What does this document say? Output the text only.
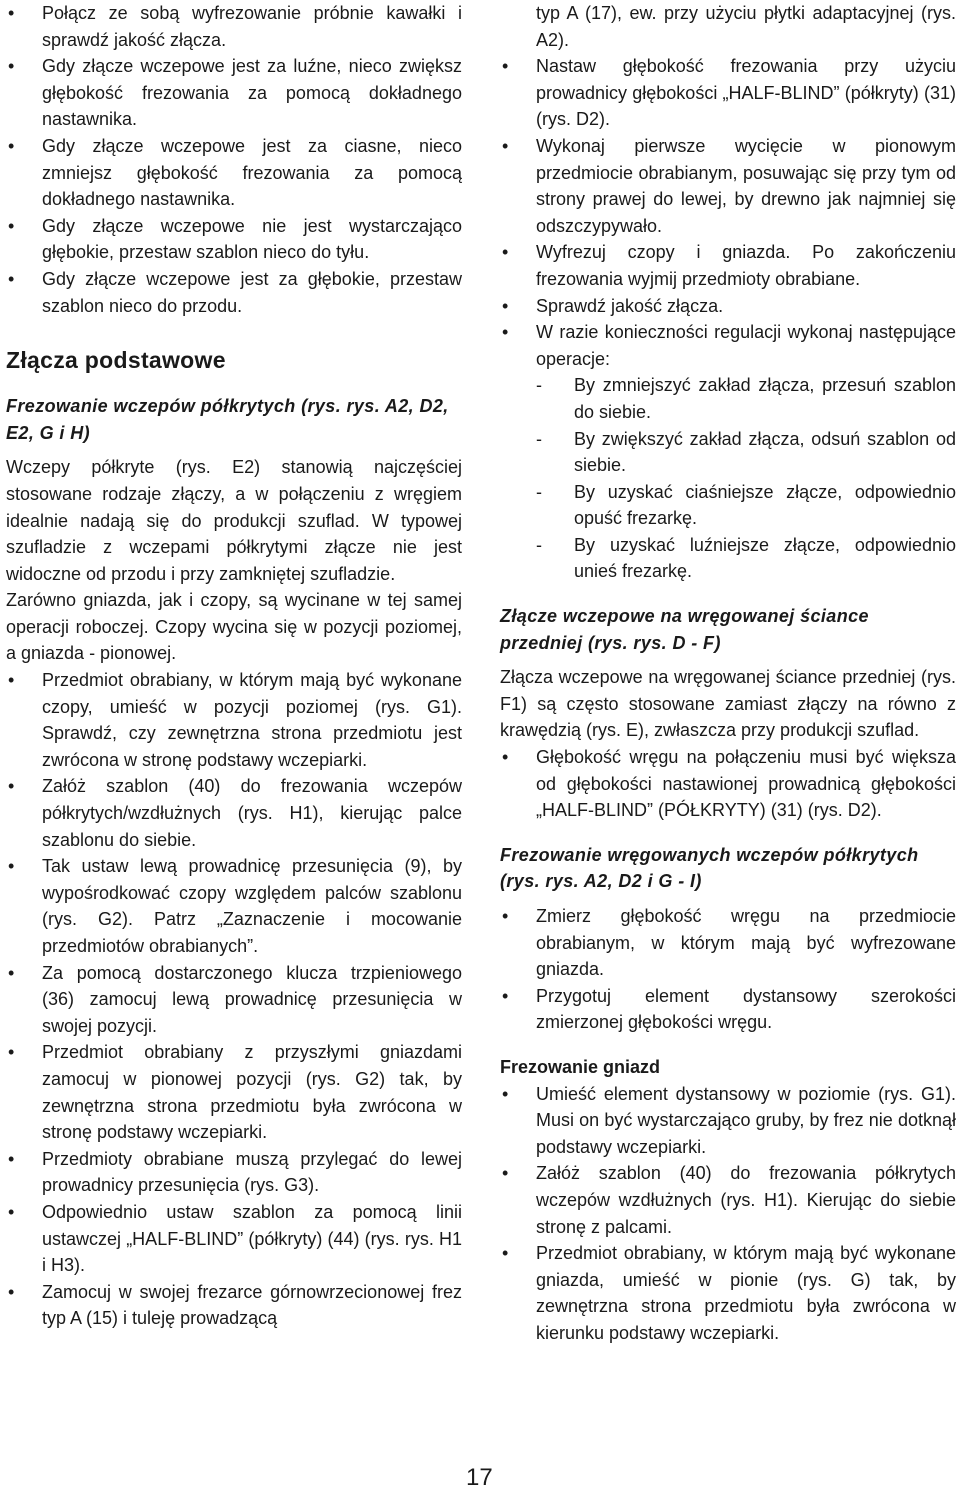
• Połącz ze sobą wyfrezowanie próbnie kawałki i sprawdź jakość złącza.
• Gdy złącze wczepowe jest za luźne, nieco zwiększ głębokość frezowania za pomocą dokładnego nastawnika.
• Gdy złącze wczepowe jest za ciasne, nieco zmniejsz głębokość frezowania za pomocą dokładnego nastawnika.
• Gdy złącze wczepowe nie jest wystarczająco głębokie, przestaw szablon nieco do tyłu.
• Gdy złącze wczepowe jest za głębokie, przestaw szablon nieco do przodu.
Złącza podstawowe
Frezowanie wczepów półkrytych (rys. rys. A2, D2, E2, G i H)

Wczepy półkryte (rys. E2) stanowią najczęściej stosowane rodzaje złączy, a w połączeniu z wręgiem idealnie nadają się do produkcji szuflad. W typowej szufladzie z wczepami półkrytymi złącze nie jest widoczne od przodu i przy zamkniętej szufladzie.

Zarówno gniazda, jak i czopy, są wycinane w tej samej operacji roboczej. Czopy wycina się w pozycji poziomej, a gniazda - pionowej.

• Przedmiot obrabiany, w którym mają być wykonane czopy, umieść w pozycji poziomej (rys. G1). Sprawdź, czy zewnętrzna strona przedmiotu jest zwrócona w stronę podstawy wczepiarki.
• Załóż szablon (40) do frezowania wczepów półkrytych/wzdłużnych (rys. H1), kierując palce szablonu do siebie.
• Tak ustaw lewą prowadnicę przesunięcia (9), by wypośrodkować czopy względem palców szablonu (rys. G2). Patrz „Zaznaczenie i mocowanie przedmiotów obrabianych”.
• Za pomocą dostarczonego klucza trzpieniowego (36) zamocuj lewą prowadnicę przesunięcia w swojej pozycji.
• Przedmiot obrabiany z przyszłymi gniazdami zamocuj w pionowej pozycji (rys. G2) tak, by zewnętrzna strona przedmiotu była zwrócona w stronę podstawy wczepiarki.
• Przedmioty obrabiane muszą przylegać do lewej prowadnicy przesunięcia (rys. G3).
• Odpowiednio ustaw szablon za pomocą linii ustawczej „HALF-BLIND” (półkryty) (44) (rys. rys. H1 i H3).
• Zamocuj w swojej frezarce górnowrzecionowej frez typ A (15) i tuleję prowadzącą

typ A (17), ew. przy użyciu płytki adaptacyjnej (rys. A2).

• Nastaw głębokość frezowania przy użyciu prowadnicy głębokości „HALF-BLIND” (półkryty) (31) (rys. D2).
• Wykonaj pierwsze wycięcie w pionowym przedmiocie obrabianym, posuwając się przy tym od strony prawej do lewej, by drewno jak najmniej się odszczypywało.
• Wyfrezuj czopy i gniazda. Po zakończeniu frezowania wyjmij przedmioty obrabiane.
• Sprawdź jakość złącza.
• W razie konieczności regulacji wykonaj następujące operacje:
- By zmniejszyć zakład złącza, przesuń szablon do siebie.
- By zwiększyć zakład złącza, odsuń szablon od siebie.
- By uzyskać ciaśniejsze złącze, odpowiednio opuść frezarkę.
- By uzyskać luźniejsze złącze, odpowiednio unieś frezarkę.
Złącze wczepowe na wręgowanej ściance przedniej (rys. rys. D - F)

Złącza wczepowe na wręgowanej ściance przedniej (rys. F1) są często stosowane zamiast złączy na równo z krawędzią (rys. E), zwłaszcza przy produkcji szuflad.

• Głębokość wręgu na połączeniu musi być większa od głębokości nastawionej prowadnicą głębokości „HALF-BLIND” (PÓŁKRYTY) (31) (rys. D2).
Frezowanie wręgowanych wczepów półkrytych (rys. rys. A2, D2 i G - I)
• Zmierz głębokość wręgu na przedmiocie obrabianym, w którym mają być wyfrezowane gniazda.
• Przygotuj element dystansowy szerokości zmierzonej głębokości wręgu.
Frezowanie gniazd
• Umieść element dystansowy w poziomie (rys. G1). Musi on być wystarczająco gruby, by frez nie dotknął podstawy wczepiarki.
• Załóż szablon (40) do frezowania półkrytych wczepów wzdłużnych (rys. H1). Kierując do siebie stronę z palcami.
• Przedmiot obrabiany, w którym mają być wykonane gniazda, umieść w pionie (rys. G) tak, by zewnętrzna strona przedmiotu była zwrócona w kierunku podstawy wczepiarki.
17
